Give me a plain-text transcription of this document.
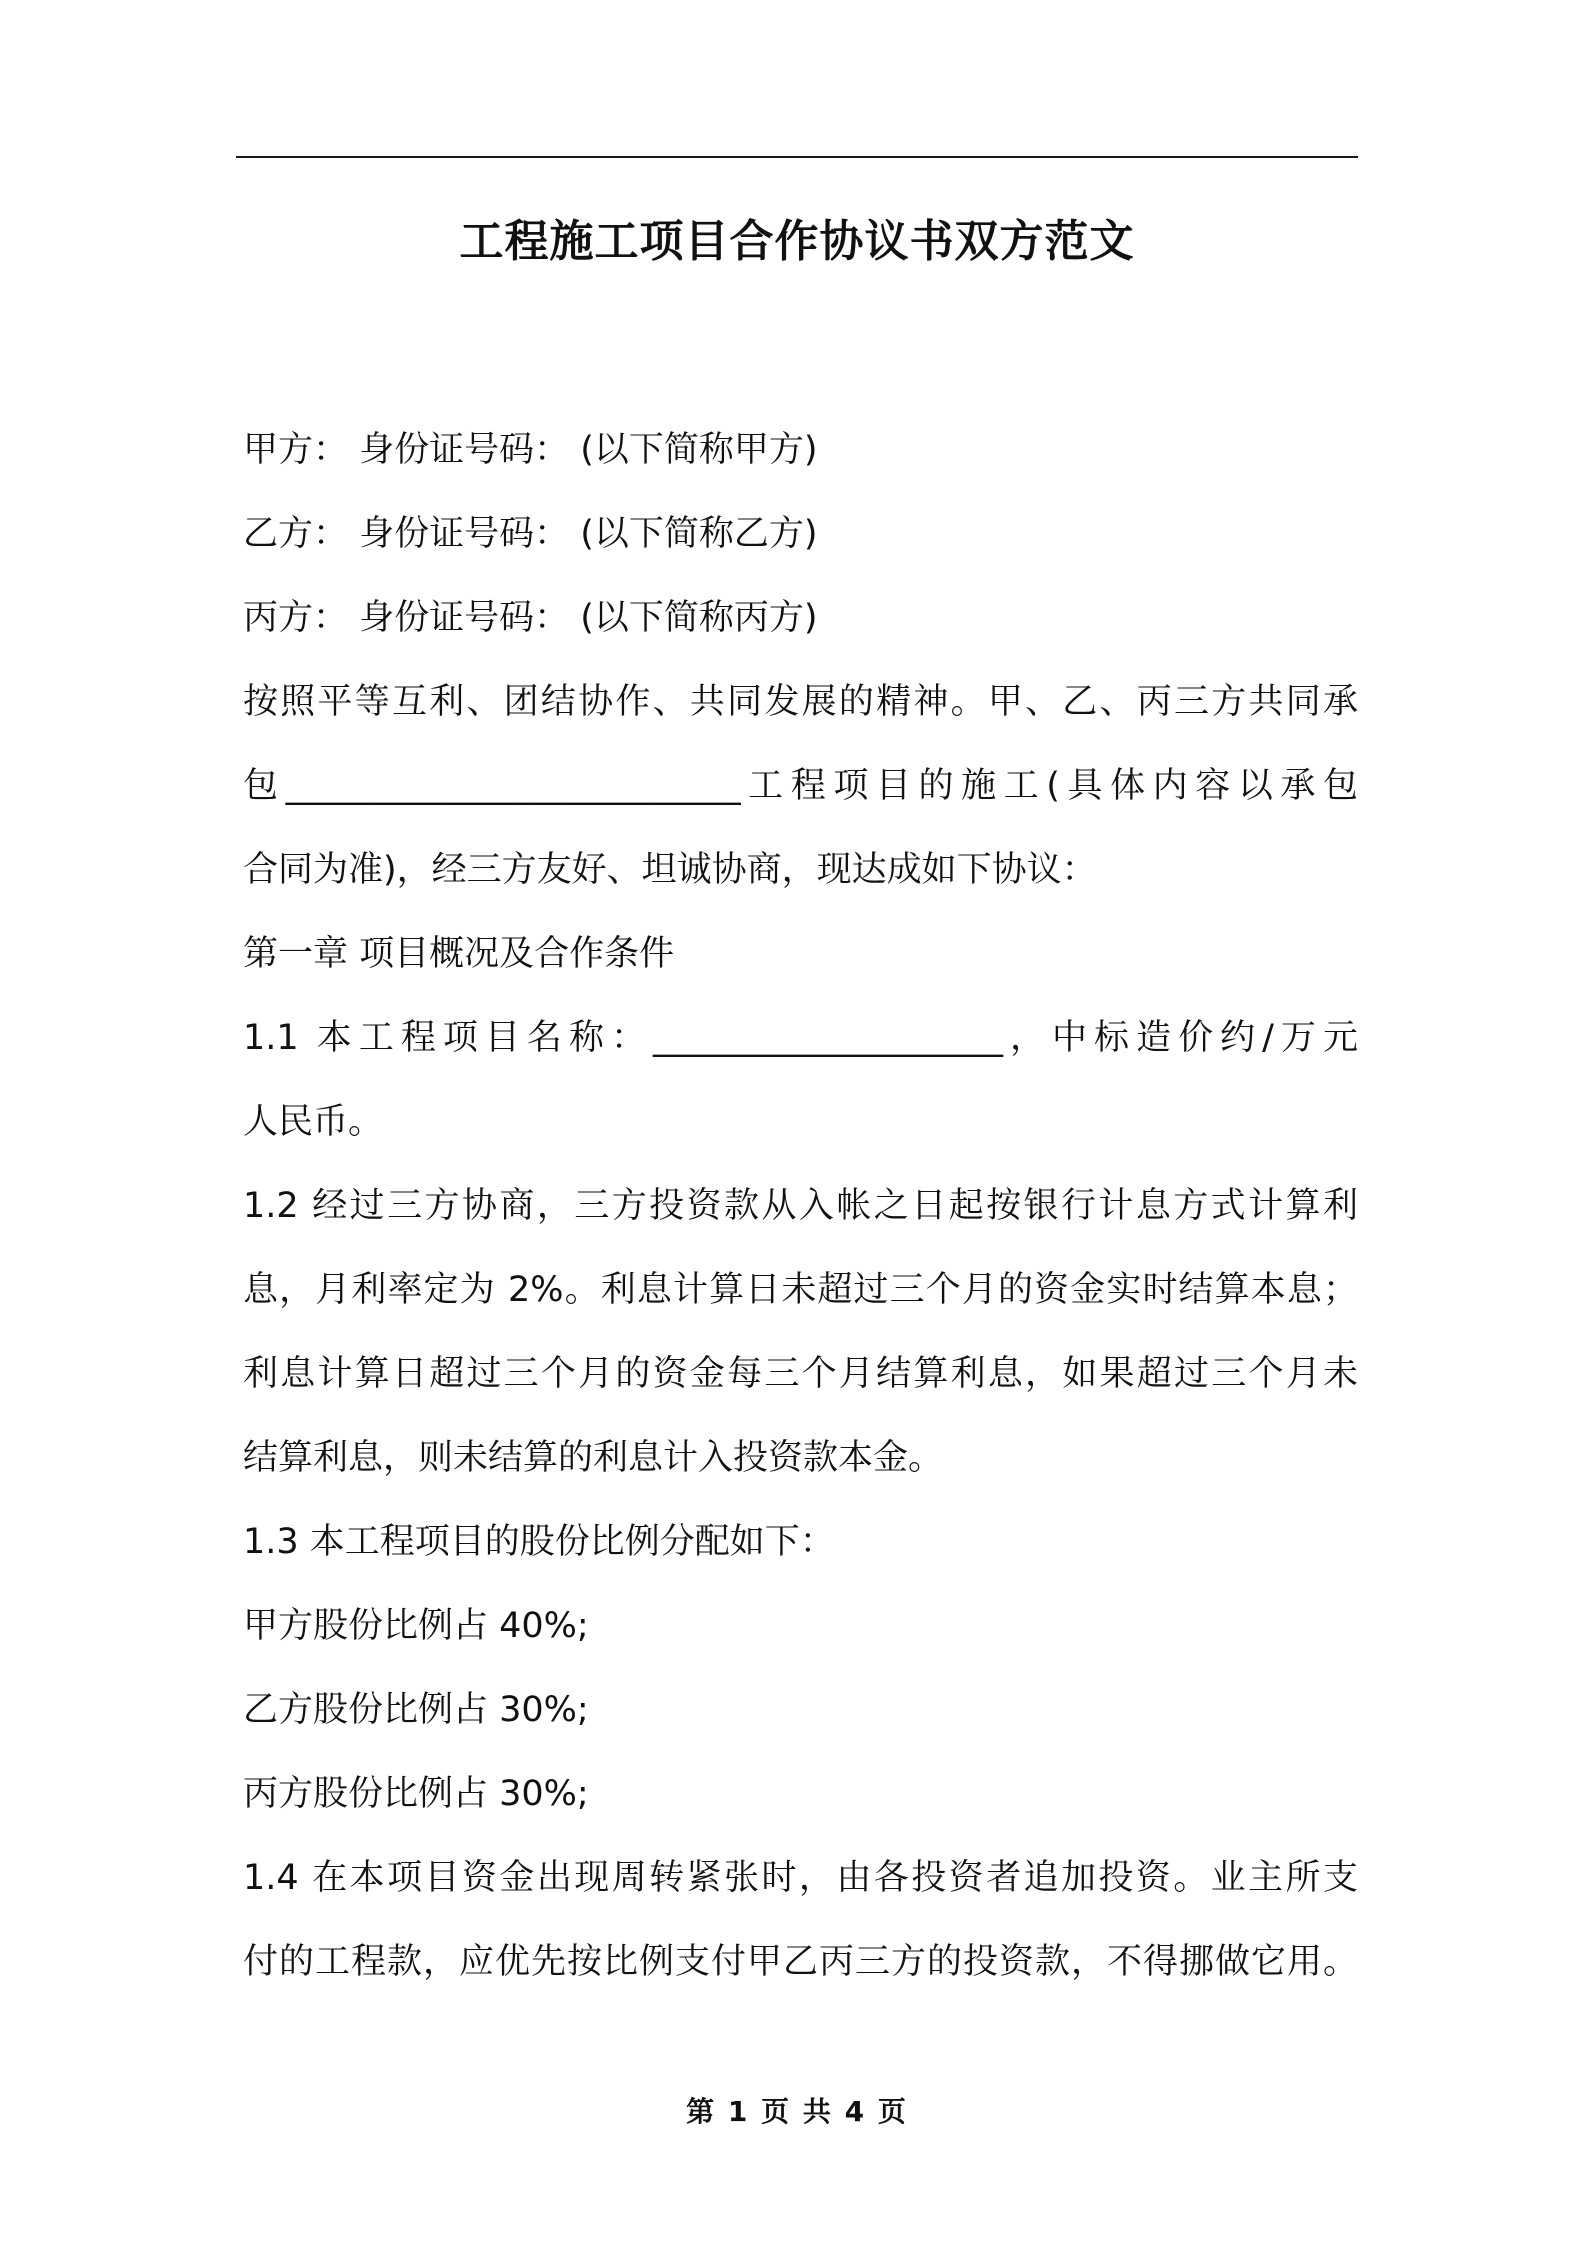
工程施工项目合作协议书双方范文
甲方： 身份证号码： (以下简称甲方)
乙方： 身份证号码： (以下简称乙方)
丙方： 身份证号码： (以下简称丙方)
按照平等互利、团结协作、共同发展的精神。甲、乙、丙三方共同承
包__________________________工程项目的施工(具体内容以承包
合同为准)，经三方友好、坦诚协商，现达成如下协议：
第一章 项目概况及合作条件
1.1 本工程项目名称：____________________，中标造价约/万元
人民币。
1.2 经过三方协商，三方投资款从入帐之日起按银行计息方式计算利
息，月利率定为 2%。利息计算日未超过三个月的资金实时结算本息；
利息计算日超过三个月的资金每三个月结算利息，如果超过三个月未
结算利息，则未结算的利息计入投资款本金。
1.3 本工程项目的股份比例分配如下：
甲方股份比例占 40%;
乙方股份比例占 30%;
丙方股份比例占 30%;
1.4 在本项目资金出现周转紧张时，由各投资者追加投资。业主所支
付的工程款，应优先按比例支付甲乙丙三方的投资款，不得挪做它用。
第 1 页 共 4 页
